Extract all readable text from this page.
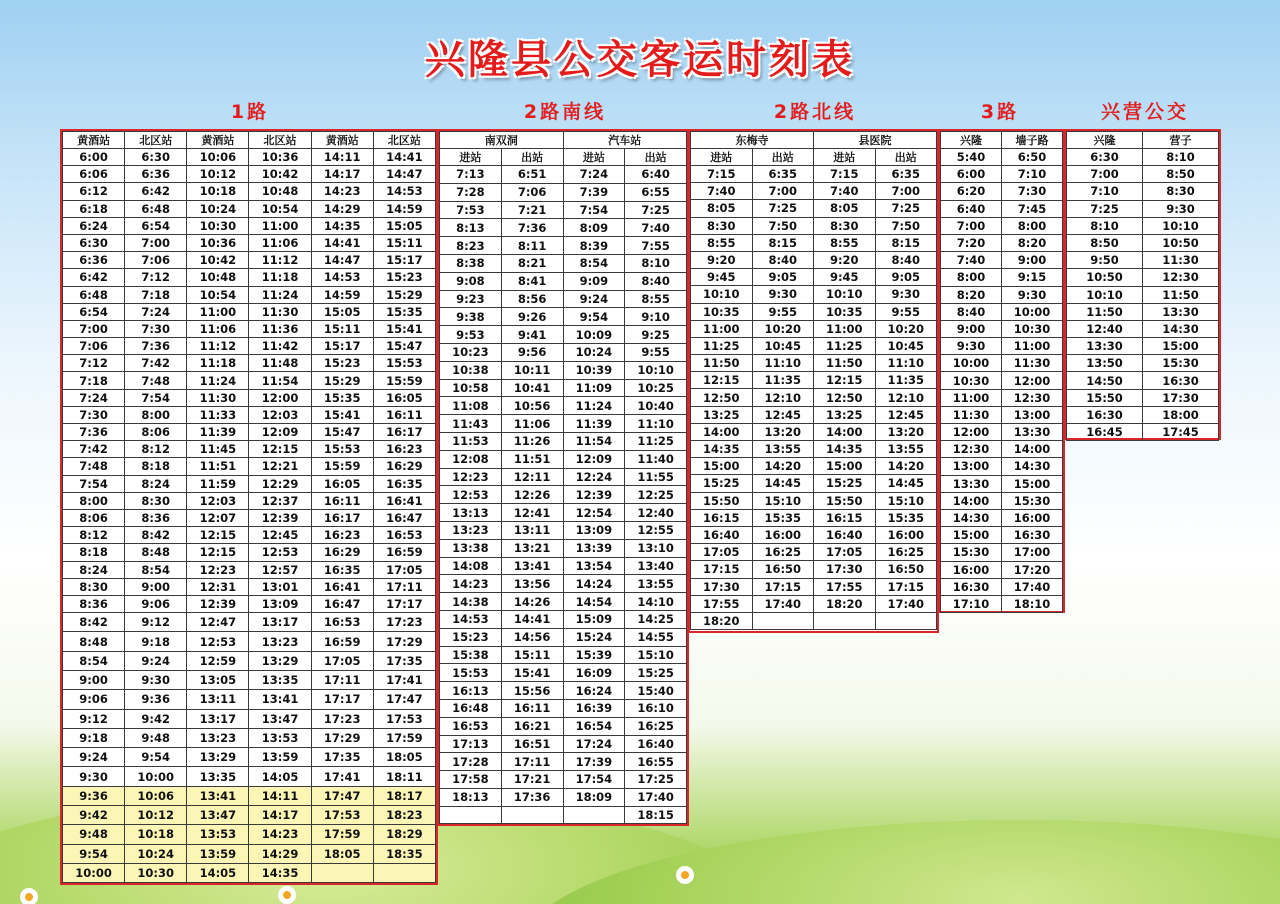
兴隆县公交客运时刻表
1路	2路南线	2路北线	3路	兴营公交
黄酒站	北区站	黄酒站	北区站	黄酒站	北区站
6:00	6:30	10:06	10:36	14:11	14:41
6:06	6:36	10:12	10:42	14:17	14:47
6:12	6:42	10:18	10:48	14:23	14:53
6:18	6:48	10:24	10:54	14:29	14:59
6:24	6:54	10:30	11:00	14:35	15:05
6:30	7:00	10:36	11:06	14:41	15:11
6:36	7:06	10:42	11:12	14:47	15:17
6:42	7:12	10:48	11:18	14:53	15:23
6:48	7:18	10:54	11:24	14:59	15:29
6:54	7:24	11:00	11:30	15:05	15:35
7:00	7:30	11:06	11:36	15:11	15:41
7:06	7:36	11:12	11:42	15:17	15:47
7:12	7:42	11:18	11:48	15:23	15:53
7:18	7:48	11:24	11:54	15:29	15:59
7:24	7:54	11:30	12:00	15:35	16:05
7:30	8:00	11:33	12:03	15:41	16:11
7:36	8:06	11:39	12:09	15:47	16:17
7:42	8:12	11:45	12:15	15:53	16:23
7:48	8:18	11:51	12:21	15:59	16:29
7:54	8:24	11:59	12:29	16:05	16:35
8:00	8:30	12:03	12:37	16:11	16:41
8:06	8:36	12:07	12:39	16:17	16:47
8:12	8:42	12:15	12:45	16:23	16:53
8:18	8:48	12:15	12:53	16:29	16:59
8:24	8:54	12:23	12:57	16:35	17:05
8:30	9:00	12:31	13:01	16:41	17:11
8:36	9:06	12:39	13:09	16:47	17:17
8:42	9:12	12:47	13:17	16:53	17:23
8:48	9:18	12:53	13:23	16:59	17:29
8:54	9:24	12:59	13:29	17:05	17:35
9:00	9:30	13:05	13:35	17:11	17:41
9:06	9:36	13:11	13:41	17:17	17:47
9:12	9:42	13:17	13:47	17:23	17:53
9:18	9:48	13:23	13:53	17:29	17:59
9:24	9:54	13:29	13:59	17:35	18:05
9:30	10:00	13:35	14:05	17:41	18:11
9:36	10:06	13:41	14:11	17:47	18:17
9:42	10:12	13:47	14:17	17:53	18:23
9:48	10:18	13:53	14:23	17:59	18:29
9:54	10:24	13:59	14:29	18:05	18:35
10:00	10:30	14:05	14:35		
南双洞		汽车站	
进站	出站	进站	出站
7:13	6:51	7:24	6:40
7:28	7:06	7:39	6:55
7:53	7:21	7:54	7:25
8:13	7:36	8:09	7:40
8:23	8:11	8:39	7:55
8:38	8:21	8:54	8:10
9:08	8:41	9:09	8:40
9:23	8:56	9:24	8:55
9:38	9:26	9:54	9:10
9:53	9:41	10:09	9:25
10:23	9:56	10:24	9:55
10:38	10:11	10:39	10:10
10:58	10:41	11:09	10:25
11:08	10:56	11:24	10:40
11:43	11:06	11:39	11:10
11:53	11:26	11:54	11:25
12:08	11:51	12:09	11:40
12:23	12:11	12:24	11:55
12:53	12:26	12:39	12:25
13:13	12:41	12:54	12:40
13:23	13:11	13:09	12:55
13:38	13:21	13:39	13:10
14:08	13:41	13:54	13:40
14:23	13:56	14:24	13:55
14:38	14:26	14:54	14:10
14:53	14:41	15:09	14:25
15:23	14:56	15:24	14:55
15:38	15:11	15:39	15:10
15:53	15:41	16:09	15:25
16:13	15:56	16:24	15:40
16:48	16:11	16:39	16:10
16:53	16:21	16:54	16:25
17:13	16:51	17:24	16:40
17:28	17:11	17:39	16:55
17:58	17:21	17:54	17:25
18:13	17:36	18:09	17:40
			18:15
东梅寺		县医院	
进站	出站	进站	出站
7:15	6:35	7:15	6:35
7:40	7:00	7:40	7:00
8:05	7:25	8:05	7:25
8:30	7:50	8:30	7:50
8:55	8:15	8:55	8:15
9:20	8:40	9:20	8:40
9:45	9:05	9:45	9:05
10:10	9:30	10:10	9:30
10:35	9:55	10:35	9:55
11:00	10:20	11:00	10:20
11:25	10:45	11:25	10:45
11:50	11:10	11:50	11:10
12:15	11:35	12:15	11:35
12:50	12:10	12:50	12:10
13:25	12:45	13:25	12:45
14:00	13:20	14:00	13:20
14:35	13:55	14:35	13:55
15:00	14:20	15:00	14:20
15:25	14:45	15:25	14:45
15:50	15:10	15:50	15:10
16:15	15:35	16:15	15:35
16:40	16:00	16:40	16:00
17:05	16:25	17:05	16:25
17:15	16:50	17:30	16:50
17:30	17:15	17:55	17:15
17:55	17:40	18:20	17:40
18:20			
兴隆	墙子路
5:40	6:50
6:00	7:10
6:20	7:30
6:40	7:45
7:00	8:00
7:20	8:20
7:40	9:00
8:00	9:15
8:20	9:30
8:40	10:00
9:00	10:30
9:30	11:00
10:00	11:30
10:30	12:00
11:00	12:30
11:30	13:00
12:00	13:30
12:30	14:00
13:00	14:30
13:30	15:00
14:00	15:30
14:30	16:00
15:00	16:30
15:30	17:00
16:00	17:20
16:30	17:40
17:10	18:10
兴隆	营子
6:30	8:10
7:00	8:50
7:10	8:30
7:25	9:30
8:10	10:10
8:50	10:50
9:50	11:30
10:50	12:30
10:10	11:50
11:50	13:30
12:40	14:30
13:30	15:00
13:50	15:30
14:50	16:30
15:50	17:30
16:30	18:00
16:45	17:45
